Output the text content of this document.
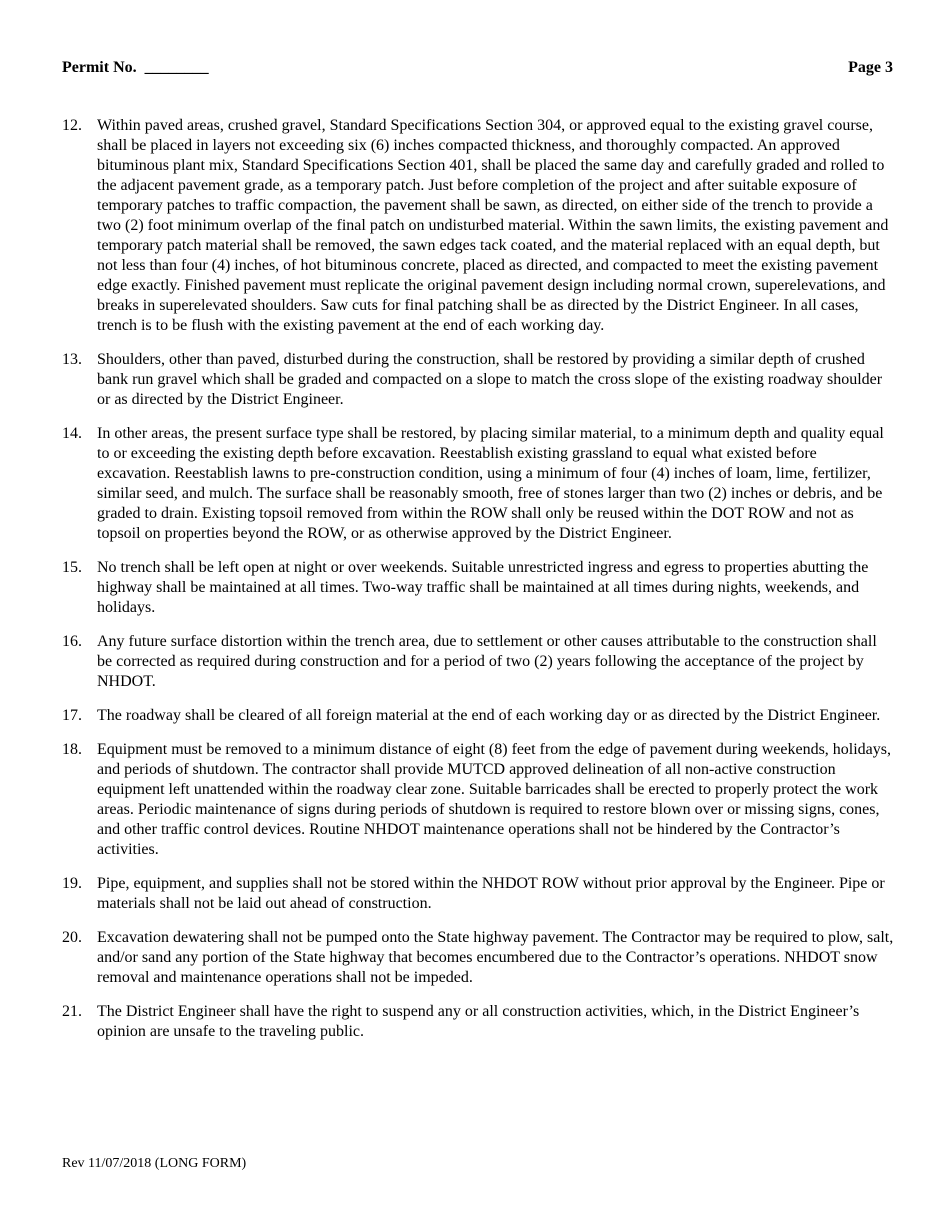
Permit No.  ________	Page 3
12. Within paved areas, crushed gravel, Standard Specifications Section 304, or approved equal to the existing gravel course, shall be placed in layers not exceeding six (6) inches compacted thickness, and thoroughly compacted. An approved bituminous plant mix, Standard Specifications Section 401, shall be placed the same day and carefully graded and rolled to the adjacent pavement grade, as a temporary patch. Just before completion of the project and after suitable exposure of temporary patches to traffic compaction, the pavement shall be sawn, as directed, on either side of the trench to provide a two (2) foot minimum overlap of the final patch on undisturbed material. Within the sawn limits, the existing pavement and temporary patch material shall be removed, the sawn edges tack coated, and the material replaced with an equal depth, but not less than four (4) inches, of hot bituminous concrete, placed as directed, and compacted to meet the existing pavement edge exactly. Finished pavement must replicate the original pavement design including normal crown, superelevations, and breaks in superelevated shoulders. Saw cuts for final patching shall be as directed by the District Engineer. In all cases, trench is to be flush with the existing pavement at the end of each working day.
13. Shoulders, other than paved, disturbed during the construction, shall be restored by providing a similar depth of crushed bank run gravel which shall be graded and compacted on a slope to match the cross slope of the existing roadway shoulder or as directed by the District Engineer.
14. In other areas, the present surface type shall be restored, by placing similar material, to a minimum depth and quality equal to or exceeding the existing depth before excavation. Reestablish existing grassland to equal what existed before excavation. Reestablish lawns to pre-construction condition, using a minimum of four (4) inches of loam, lime, fertilizer, similar seed, and mulch. The surface shall be reasonably smooth, free of stones larger than two (2) inches or debris, and be graded to drain. Existing topsoil removed from within the ROW shall only be reused within the DOT ROW and not as topsoil on properties beyond the ROW, or as otherwise approved by the District Engineer.
15. No trench shall be left open at night or over weekends. Suitable unrestricted ingress and egress to properties abutting the highway shall be maintained at all times. Two-way traffic shall be maintained at all times during nights, weekends, and holidays.
16. Any future surface distortion within the trench area, due to settlement or other causes attributable to the construction shall be corrected as required during construction and for a period of two (2) years following the acceptance of the project by NHDOT.
17. The roadway shall be cleared of all foreign material at the end of each working day or as directed by the District Engineer.
18. Equipment must be removed to a minimum distance of eight (8) feet from the edge of pavement during weekends, holidays, and periods of shutdown. The contractor shall provide MUTCD approved delineation of all non-active construction equipment left unattended within the roadway clear zone. Suitable barricades shall be erected to properly protect the work areas. Periodic maintenance of signs during periods of shutdown is required to restore blown over or missing signs, cones, and other traffic control devices. Routine NHDOT maintenance operations shall not be hindered by the Contractor’s activities.
19. Pipe, equipment, and supplies shall not be stored within the NHDOT ROW without prior approval by the Engineer. Pipe or materials shall not be laid out ahead of construction.
20. Excavation dewatering shall not be pumped onto the State highway pavement. The Contractor may be required to plow, salt, and/or sand any portion of the State highway that becomes encumbered due to the Contractor’s operations. NHDOT snow removal and maintenance operations shall not be impeded.
21. The District Engineer shall have the right to suspend any or all construction activities, which, in the District Engineer’s opinion are unsafe to the traveling public.
Rev 11/07/2018 (LONG FORM)
